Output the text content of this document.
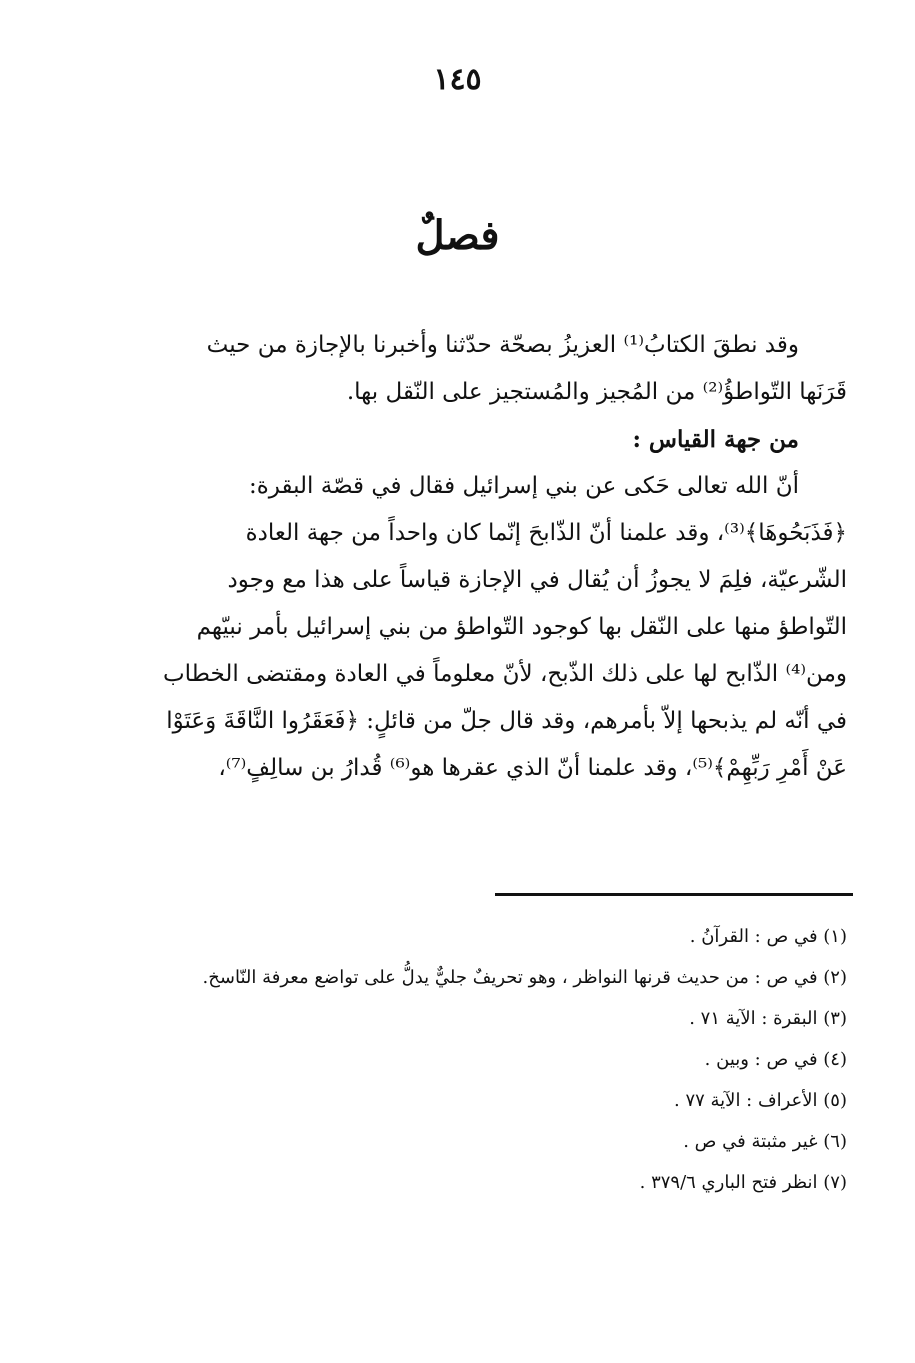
١٤٥
فصلٌ
وقد نطقَ الكتابُ⁽¹⁾ العزيزُ بصحّة حدّثنا وأخبرنا بالإجازة من حيث
قَرَنَها التّواطؤُ⁽²⁾ من المُجيز والمُستجيز على النّقل بها.
من جهة القياس :
أنّ الله تعالى حَكى عن بني إسرائيل فقال في قصّة البقرة:
﴿فَذَبَحُوهَا﴾⁽³⁾، وقد علمنا أنّ الذّابحَ إنّما كان واحداً من جهة العادة
الشّرعيّة، فلِمَ لا يجوزُ أن يُقال في الإجازة قياساً على هذا مع وجود
التّواطؤ منها على النّقل بها كوجود التّواطؤ من بني إسرائيل بأمر نبيّهم
ومن⁽⁴⁾ الذّابح لها على ذلك الذّبح، لأنّ معلوماً في العادة ومقتضى الخطاب
في أنّه لم يذبحها إلاّ بأمرهم، وقد قال جلّ من قائلٍ: ﴿فَعَقَرُوا النَّاقَةَ وَعَتَوْا
عَنْ أَمْرِ رَبِّهِمْ﴾⁽⁵⁾، وقد علمنا أنّ الذي عقرها هو⁽⁶⁾ قُدارُ بن سالِفٍ⁽⁷⁾،
(١) في ص : القرآنُ .
(٢) في ص : من حديث قرنها النواظر ، وهو تحريفٌ جليٌّ يدلُّ على تواضع معرفة النّاسخ.
(٣) البقرة : الآية ٧١ .
(٤) في ص : وبين .
(٥) الأعراف : الآية ٧٧ .
(٦) غير مثبتة في ص .
(٧) انظر فتح الباري ٣٧٩/٦ .
